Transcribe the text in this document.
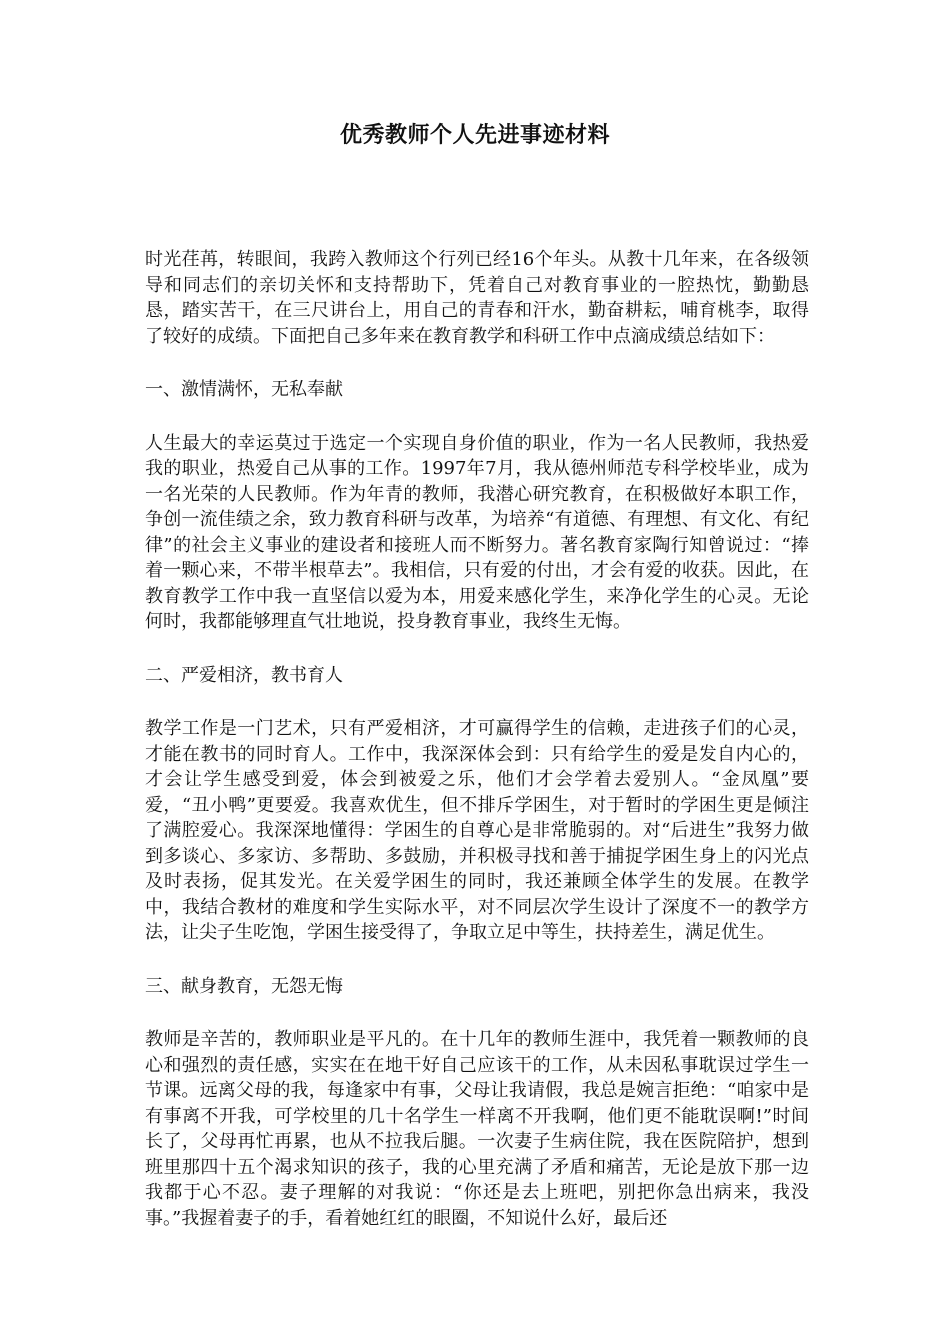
优秀教师个人先进事迹材料

时光荏苒，转眼间，我跨入教师这个行列已经16个年头。从教十几年来，在各级领导和同志们的亲切关怀和支持帮助下，凭着自己对教育事业的一腔热忱，勤勤恳恳，踏实苦干，在三尺讲台上，用自己的青春和汗水，勤奋耕耘，哺育桃李，取得了较好的成绩。下面把自己多年来在教育教学和科研工作中点滴成绩总结如下：

一、激情满怀，无私奉献

人生最大的幸运莫过于选定一个实现自身价值的职业，作为一名人民教师，我热爱我的职业，热爱自己从事的工作。1997年7月，我从德州师范专科学校毕业，成为一名光荣的人民教师。作为年青的教师，我潜心研究教育，在积极做好本职工作，争创一流佳绩之余，致力教育科研与改革，为培养“有道德、有理想、有文化、有纪律”的社会主义事业的建设者和接班人而不断努力。著名教育家陶行知曾说过：“捧着一颗心来，不带半根草去”。我相信，只有爱的付出，才会有爱的收获。因此，在教育教学工作中我一直坚信以爱为本，用爱来感化学生，来净化学生的心灵。无论何时，我都能够理直气壮地说，投身教育事业，我终生无悔。

二、严爱相济，教书育人

教学工作是一门艺术，只有严爱相济，才可赢得学生的信赖，走进孩子们的心灵，才能在教书的同时育人。工作中，我深深体会到：只有给学生的爱是发自内心的，才会让学生感受到爱，体会到被爱之乐，他们才会学着去爱别人。“金凤凰”要爱，“丑小鸭”更要爱。我喜欢优生，但不排斥学困生，对于暂时的学困生更是倾注了满腔爱心。我深深地懂得：学困生的自尊心是非常脆弱的。对“后进生”我努力做到多谈心、多家访、多帮助、多鼓励，并积极寻找和善于捕捉学困生身上的闪光点及时表扬，促其发光。在关爱学困生的同时，我还兼顾全体学生的发展。在教学中，我结合教材的难度和学生实际水平，对不同层次学生设计了深度不一的教学方法，让尖子生吃饱，学困生接受得了，争取立足中等生，扶持差生，满足优生。

三、献身教育，无怨无悔

教师是辛苦的，教师职业是平凡的。在十几年的教师生涯中，我凭着一颗教师的良心和强烈的责任感，实实在在地干好自己应该干的工作，从未因私事耽误过学生一节课。远离父母的我，每逢家中有事，父母让我请假，我总是婉言拒绝：“咱家中是有事离不开我，可学校里的几十名学生一样离不开我啊，他们更不能耽误啊!”时间长了，父母再忙再累，也从不拉我后腿。一次妻子生病住院，我在医院陪护，想到班里那四十五个渴求知识的孩子，我的心里充满了矛盾和痛苦，无论是放下那一边我都于心不忍。妻子理解的对我说：“你还是去上班吧，别把你急出病来，我没事。”我握着妻子的手，看着她红红的眼圈，不知说什么好，最后还
